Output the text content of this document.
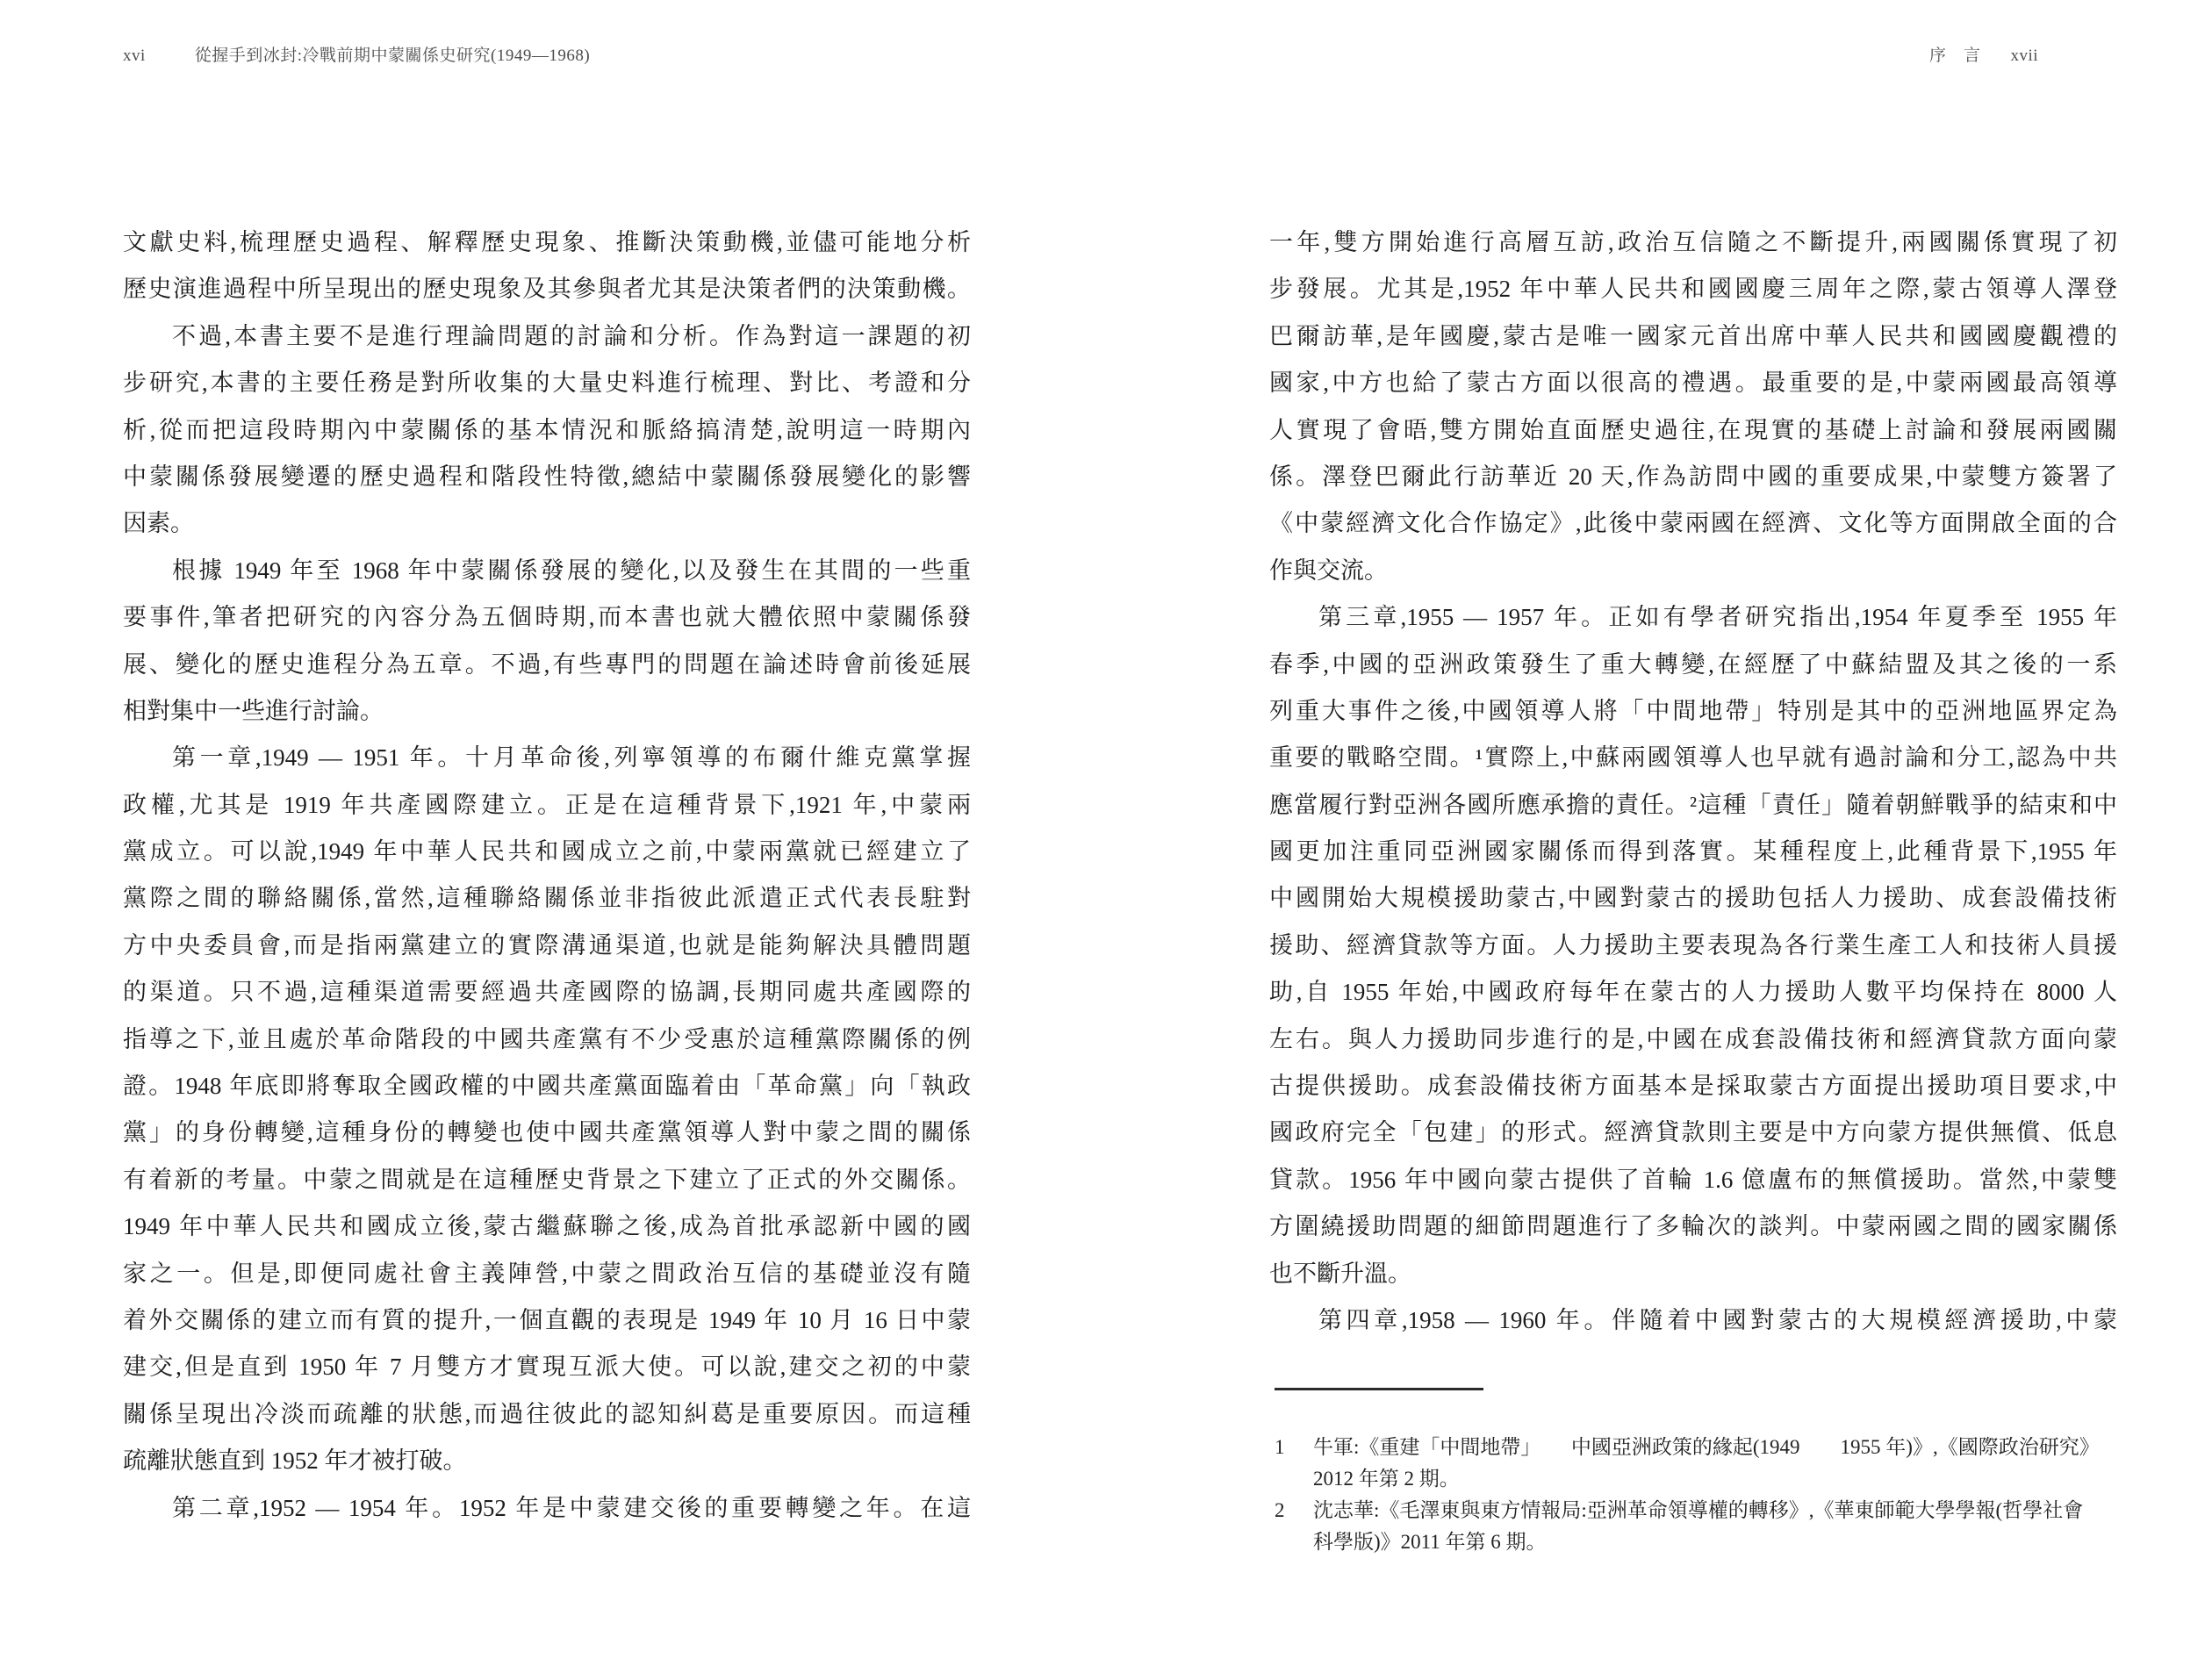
xvi	從握手到冰封:冷戰前期中蒙關係史研究(1949—1968)	序　言 xvii
文獻史料,梳理歷史過程、解釋歷史現象、推斷決策動機,並儘可能地分析
歷史演進過程中所呈現出的歷史現象及其參與者尤其是決策者們的決策動機。
不過,本書主要不是進行理論問題的討論和分析。作為對這一課題的初
步研究,本書的主要任務是對所收集的大量史料進行梳理、對比、考證和分
析,從而把這段時期內中蒙關係的基本情況和脈絡搞清楚,說明這一時期內
中蒙關係發展變遷的歷史過程和階段性特徵,總結中蒙關係發展變化的影響
因素。
根據 1949 年至 1968 年中蒙關係發展的變化,以及發生在其間的一些重
要事件,筆者把研究的內容分為五個時期,而本書也就大體依照中蒙關係發
展、變化的歷史進程分為五章。不過,有些專門的問題在論述時會前後延展
相對集中一些進行討論。
第一章,1949 — 1951 年。十月革命後,列寧領導的布爾什維克黨掌握
政權,尤其是 1919 年共產國際建立。正是在這種背景下,1921 年,中蒙兩
黨成立。可以說,1949 年中華人民共和國成立之前,中蒙兩黨就已經建立了
黨際之間的聯絡關係,當然,這種聯絡關係並非指彼此派遣正式代表長駐對
方中央委員會,而是指兩黨建立的實際溝通渠道,也就是能夠解決具體問題
的渠道。只不過,這種渠道需要經過共產國際的協調,長期同處共產國際的
指導之下,並且處於革命階段的中國共產黨有不少受惠於這種黨際關係的例
證。1948 年底即將奪取全國政權的中國共產黨面臨着由「革命黨」向「執政
黨」的身份轉變,這種身份的轉變也使中國共產黨領導人對中蒙之間的關係
有着新的考量。中蒙之間就是在這種歷史背景之下建立了正式的外交關係。
1949 年中華人民共和國成立後,蒙古繼蘇聯之後,成為首批承認新中國的國
家之一。但是,即便同處社會主義陣營,中蒙之間政治互信的基礎並沒有隨
着外交關係的建立而有質的提升,一個直觀的表現是 1949 年 10 月 16 日中蒙
建交,但是直到 1950 年 7 月雙方才實現互派大使。可以說,建交之初的中蒙
關係呈現出冷淡而疏離的狀態,而過往彼此的認知糾葛是重要原因。而這種
疏離狀態直到 1952 年才被打破。
第二章,1952 — 1954 年。1952 年是中蒙建交後的重要轉變之年。在這
一年,雙方開始進行高層互訪,政治互信隨之不斷提升,兩國關係實現了初
步發展。尤其是,1952 年中華人民共和國國慶三周年之際,蒙古領導人澤登
巴爾訪華,是年國慶,蒙古是唯一國家元首出席中華人民共和國國慶觀禮的
國家,中方也給了蒙古方面以很高的禮遇。最重要的是,中蒙兩國最高領導
人實現了會晤,雙方開始直面歷史過往,在現實的基礎上討論和發展兩國關
係。澤登巴爾此行訪華近 20 天,作為訪問中國的重要成果,中蒙雙方簽署了
《中蒙經濟文化合作協定》,此後中蒙兩國在經濟、文化等方面開啟全面的合
作與交流。
第三章,1955 — 1957 年。正如有學者研究指出,1954 年夏季至 1955 年
春季,中國的亞洲政策發生了重大轉變,在經歷了中蘇結盟及其之後的一系
列重大事件之後,中國領導人將「中間地帶」特別是其中的亞洲地區界定為
重要的戰略空間。¹實際上,中蘇兩國領導人也早就有過討論和分工,認為中共
應當履行對亞洲各國所應承擔的責任。²這種「責任」隨着朝鮮戰爭的結束和中
國更加注重同亞洲國家關係而得到落實。某種程度上,此種背景下,1955 年
中國開始大規模援助蒙古,中國對蒙古的援助包括人力援助、成套設備技術
援助、經濟貸款等方面。人力援助主要表現為各行業生產工人和技術人員援
助,自 1955 年始,中國政府每年在蒙古的人力援助人數平均保持在 8000 人
左右。與人力援助同步進行的是,中國在成套設備技術和經濟貸款方面向蒙
古提供援助。成套設備技術方面基本是採取蒙古方面提出援助項目要求,中
國政府完全「包建」的形式。經濟貸款則主要是中方向蒙方提供無償、低息
貸款。1956 年中國向蒙古提供了首輪 1.6 億盧布的無償援助。當然,中蒙雙
方圍繞援助問題的細節問題進行了多輪次的談判。中蒙兩國之間的國家關係
也不斷升溫。
第四章,1958 — 1960 年。伴隨着中國對蒙古的大規模經濟援助,中蒙
1 牛軍:《重建「中間地帶」　　中國亞洲政策的緣起(1949　　1955 年)》,《國際政治研究》
2012 年第 2 期。
2 沈志華:《毛澤東與東方情報局:亞洲革命領導權的轉移》,《華東師範大學學報(哲學社會
科學版)》2011 年第 6 期。
